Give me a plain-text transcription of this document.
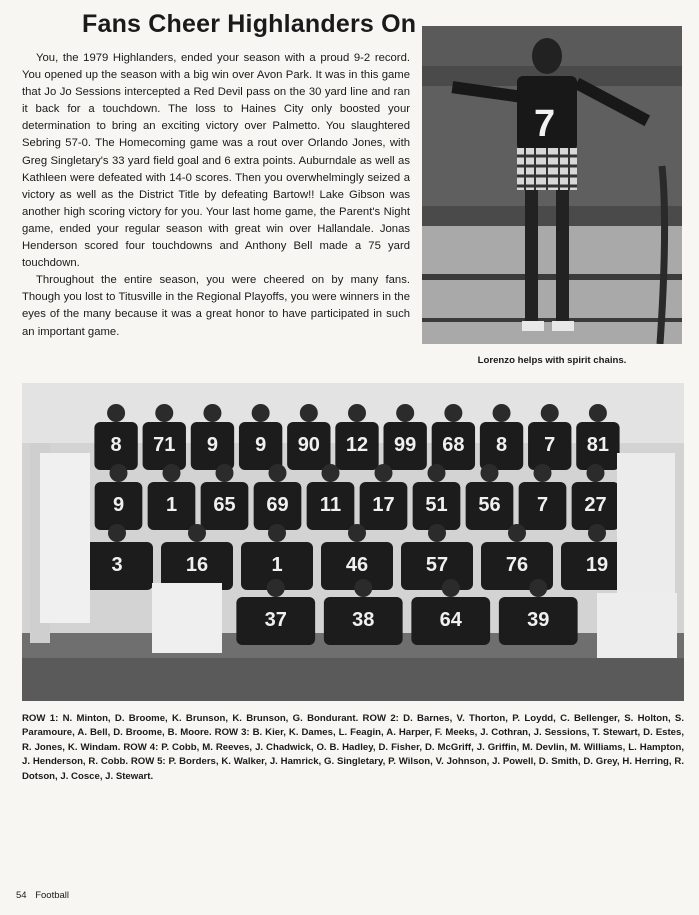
Fans Cheer Highlanders On

You, the 1979 Highlanders, ended your season with a proud 9-2 record. You opened up the season with a big win over Avon Park. It was in this game that Jo Jo Sessions intercepted a Red Devil pass on the 30 yard line and ran it back for a touchdown. The loss to Haines City only boosted your determination to bring an exciting victory over Palmetto. You slaughtered Sebring 57-0. The Homecoming game was a rout over Orlando Jones, with Greg Singletary's 33 yard field goal and 6 extra points. Auburndale as well as Kathleen were defeated with 14-0 scores. Then you overwhelmingly seized a victory as well as the District Title by defeating Bartow!! Lake Gibson was another high scoring victory for you. Your last home game, the Parent's Night game, ended your regular season with great win over Hallandale. Jonas Henderson scored four touchdowns and Anthony Bell made a 75 yard touchdown.

Throughout the entire season, you were cheered on by many fans. Though you lost to Titusville in the Regional Playoffs, you were winners in the eyes of the many because it was a great honor to have participated in such an important game.

7

Lorenzo helps with spirit chains.

8 71 9 9 90 12 99 68 8 7 81
9 1 65 69 11 17 51 56 7 27
3	16	1	46	57	76	19
37	38	64	39

ROW 1: N. Minton, D. Broome, K. Brunson, K. Brunson, G. Bondurant. ROW 2: D. Barnes, V. Thorton, P. Loydd, C. Bellenger, S. Holton, S. Paramoure, A. Bell, D. Broome, B. Moore. ROW 3: B. Kier, K. Dames, L. Feagin, A. Harper, F. Meeks, J. Cothran, J. Sessions, T. Stewart, D. Estes, R. Jones, K. Windam. ROW 4: P. Cobb, M. Reeves, J. Chadwick, O. B. Hadley, D. Fisher, D. McGriff, J. Griffin, M. Devlin, M. Williams, L. Hampton, J. Henderson, R. Cobb. ROW 5: P. Borders, K. Walker, J. Hamrick, G. Singletary, P. Wilson, V. Johnson, J. Powell, D. Smith, D. Grey, H. Herring, R. Dotson, J. Cosce, J. Stewart.

54 Football
